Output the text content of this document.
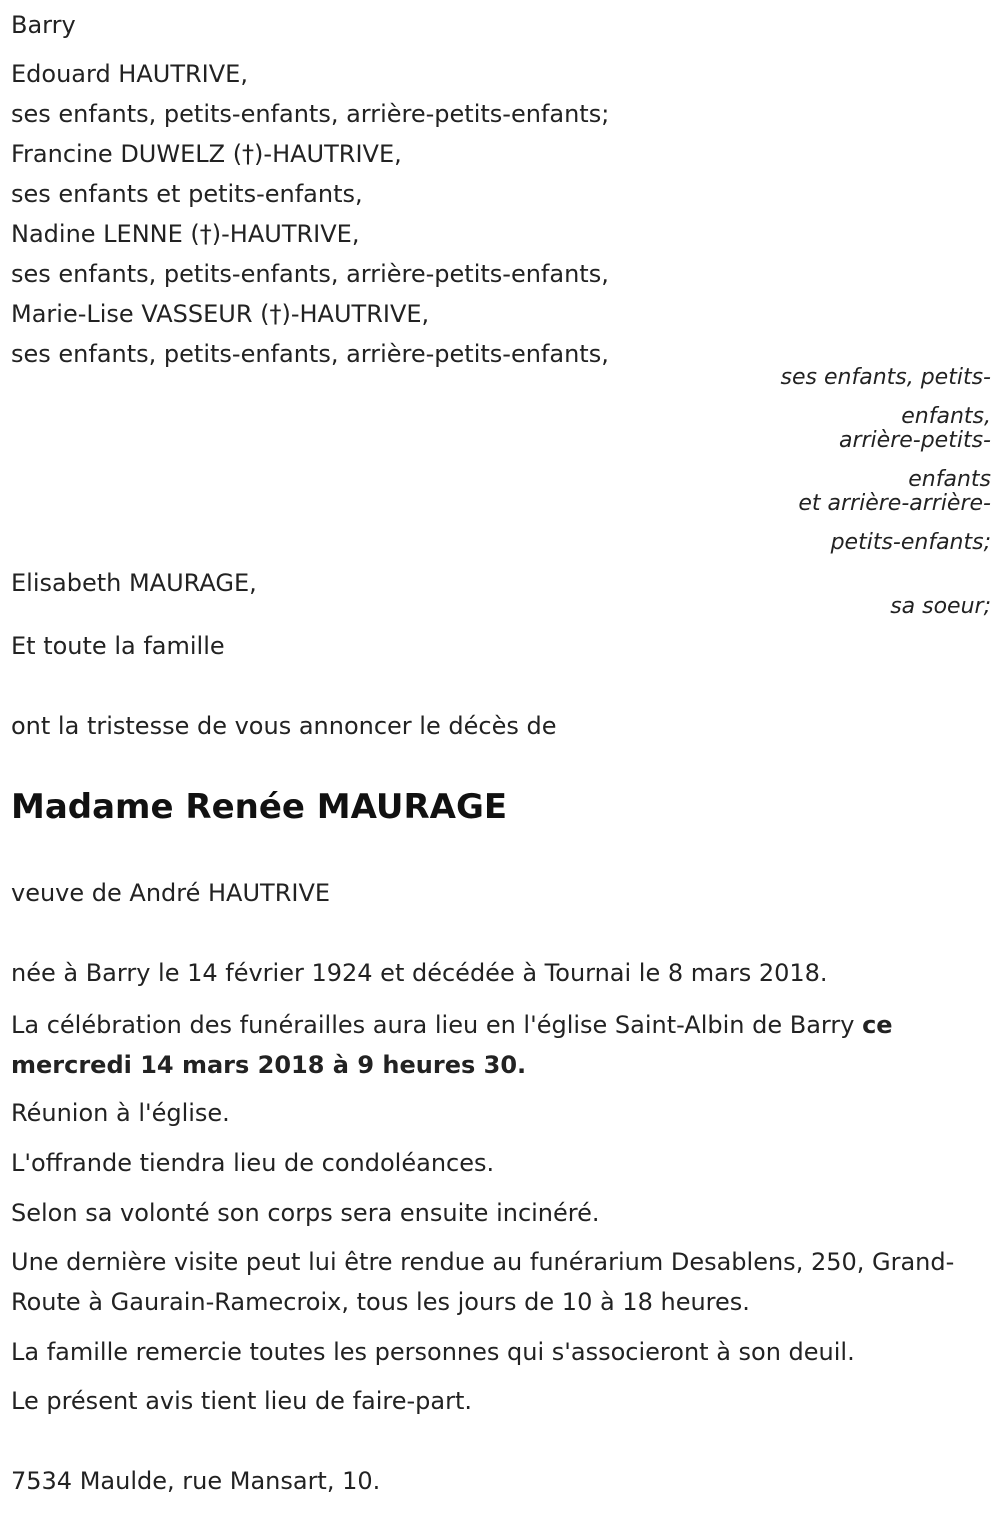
Barry
Edouard HAUTRIVE,
ses enfants, petits-enfants, arrière-petits-enfants;
Francine DUWELZ (†)-HAUTRIVE,
ses enfants et petits-enfants,
Nadine LENNE (†)-HAUTRIVE,
ses enfants, petits-enfants, arrière-petits-enfants,
Marie-Lise VASSEUR (†)-HAUTRIVE,
ses enfants, petits-enfants, arrière-petits-enfants,
ses enfants, petits-
enfants,
arrière-petits-
enfants
et arrière-arrière-
petits-enfants;
Elisabeth MAURAGE,
sa soeur;
Et toute la famille
ont la tristesse de vous annoncer le décès de
Madame Renée MAURAGE
veuve de André HAUTRIVE
née à Barry le 14 février 1924 et décédée à Tournai le 8 mars 2018.
La célébration des funérailles aura lieu en l'église Saint-Albin de Barry ce mercredi 14 mars 2018 à 9 heures 30.
Réunion à l'église.
L'offrande tiendra lieu de condoléances.
Selon sa volonté son corps sera ensuite incinéré.
Une dernière visite peut lui être rendue au funérarium Desablens, 250, Grand-Route à Gaurain-Ramecroix, tous les jours de 10 à 18 heures.
La famille remercie toutes les personnes qui s'associeront à son deuil.
Le présent avis tient lieu de faire-part.
7534 Maulde, rue Mansart, 10.
